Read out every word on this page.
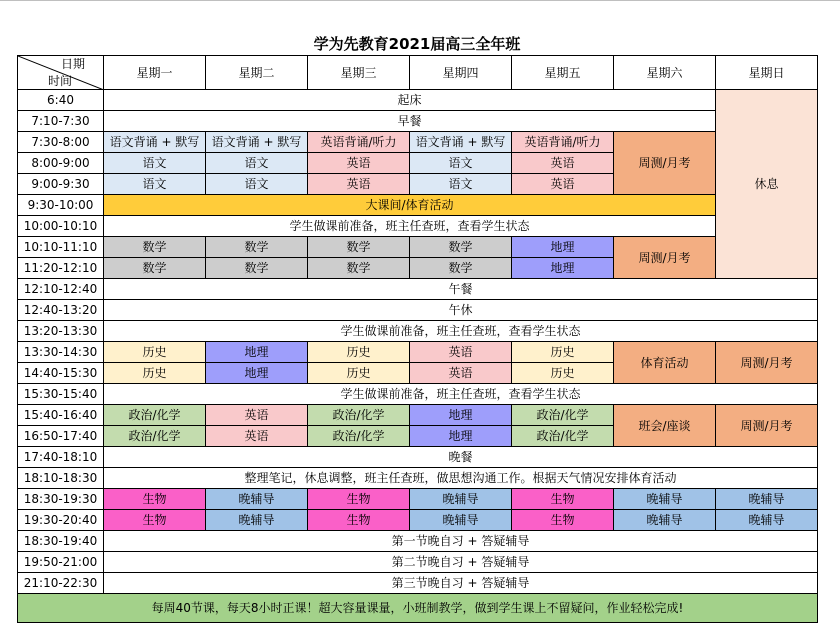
学为先教育2021届高三全年班
日期
时间	星期一	星期二	星期三	星期四	星期五	星期六	星期日
6:40	起床						休息
7:10-7:30	早餐						
7:30-8:00	语文背诵 + 默写	语文背诵 + 默写	英语背诵/听力	语文背诵 + 默写	英语背诵/听力	周测/月考	
8:00-9:00	语文	语文	英语	语文	英语		
9:00-9:30	语文	语文	英语	语文	英语		
9:30-10:00	大课间/体育活动						
10:00-10:10	学生做课前准备，班主任查班，查看学生状态						
10:10-11:10	数学	数学	数学	数学	地理	周测/月考	
11:20-12:10	数学	数学	数学	数学	地理		
12:10-12:40	午餐						
12:40-13:20	午休						
13:20-13:30	学生做课前准备，班主任查班，查看学生状态						
13:30-14:30	历史	地理	历史	英语	历史	体育活动	周测/月考
14:40-15:30	历史	地理	历史	英语	历史		
15:30-15:40	学生做课前准备，班主任查班，查看学生状态						
15:40-16:40	政治/化学	英语	政治/化学	地理	政治/化学	班会/座谈	周测/月考
16:50-17:40	政治/化学	英语	政治/化学	地理	政治/化学		
17:40-18:10	晚餐						
18:10-18:30	整理笔记，休息调整，班主任查班，做思想沟通工作。根据天气情况安排体育活动						
18:30-19:30	生物	晚辅导	生物	晚辅导	生物	晚辅导	晚辅导
19:30-20:40	生物	晚辅导	生物	晚辅导	生物	晚辅导	晚辅导
18:30-19:40	第一节晚自习 + 答疑辅导						
19:50-21:00	第二节晚自习 + 答疑辅导						
21:10-22:30	第三节晚自习 + 答疑辅导						
每周40节课，每天8小时正课！超大容量课量，小班制教学，做到学生课上不留疑问，作业轻松完成!							
